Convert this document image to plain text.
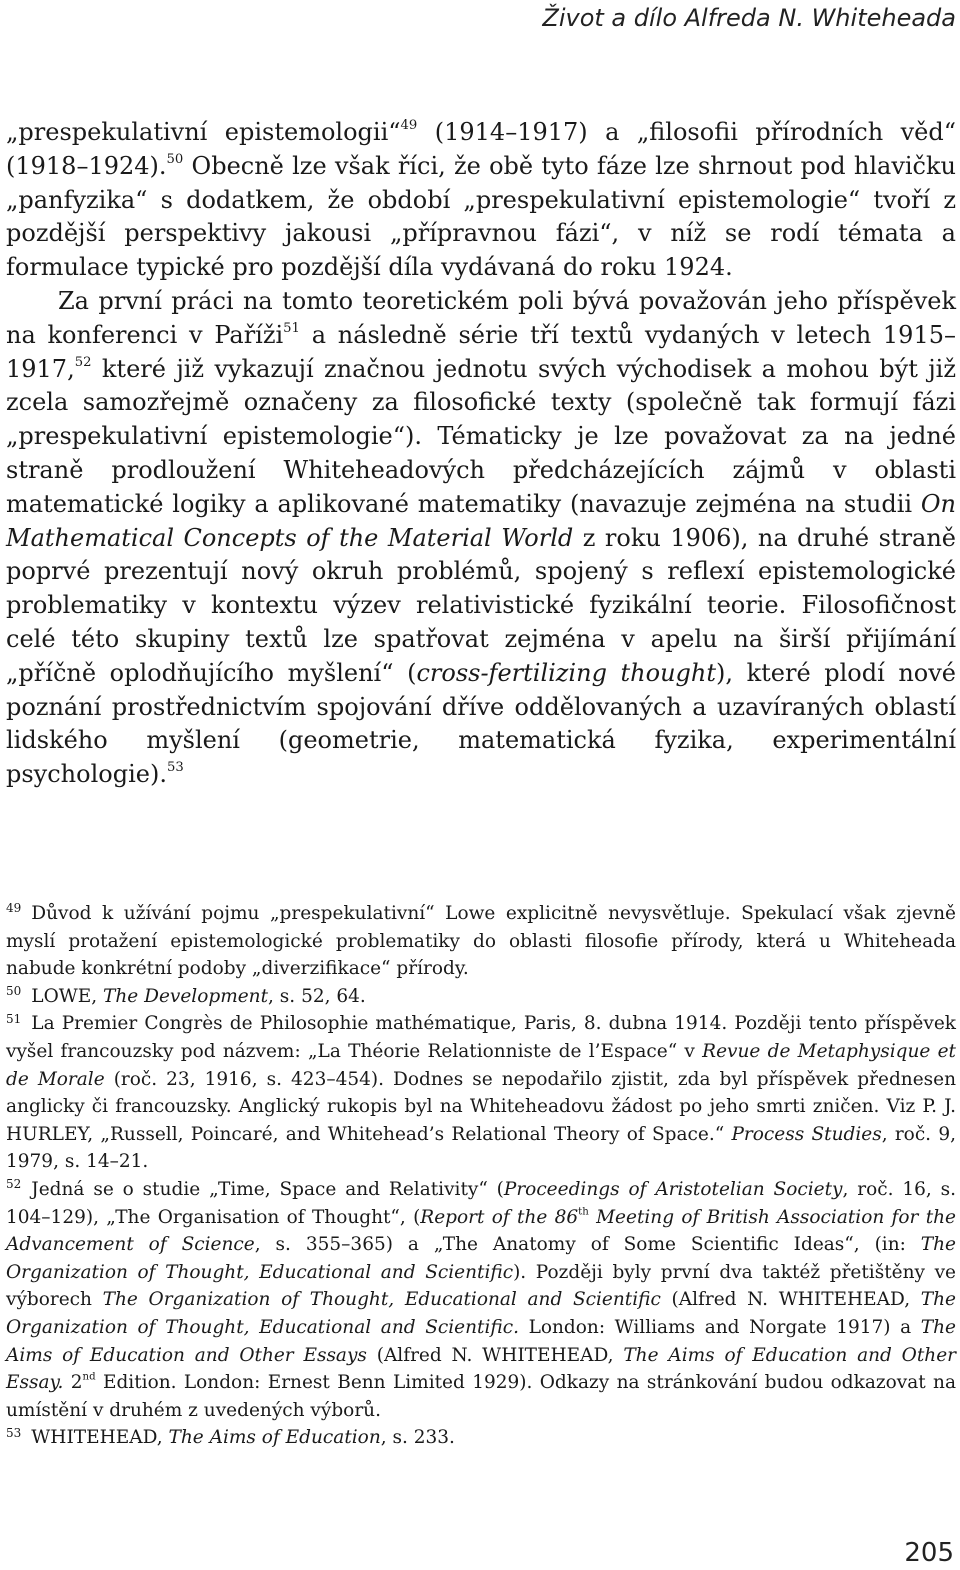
Život a dílo Alfreda N. Whiteheada

„prespekulativní epistemologii“$^{49}$ (1914–1917) a „filosofii přírodních věd“ (1918–1924).$^{50}$ Obecně lze však říci, že obě tyto fáze lze shrnout pod hlavičku „panfyzika“ s dodatkem, že období „prespekulativní epistemologie“ tvoří z pozdější perspektivy jakousi „přípravnou fázi“, v níž se rodí témata a formulace typické pro pozdější díla vydávaná do roku 1924.

Za první práci na tomto teoretickém poli bývá považován jeho příspěvek na konferenci v Paříži$^{51}$ a následně série tří textů vydaných v letech 1915–1917,52 které již vykazují značnou jednotu svých východisek a mohou být již zcela samozřejmě označeny za filosofické texty (společně tak formují fázi „prespekulativní epistemologie“). Tématicky je lze považovat za na jedné straně prodloužení Whiteheadových předcházejících zájmů v oblasti matematické logiky a aplikované matematiky (navazuje zejména na studii On Mathematical Concepts of the Material World z roku 1906), na druhé straně poprvé prezentují nový okruh problémů, spojený s reflexí epistemologické problematiky v kontextu výzev relativistické fyzikální teorie. Filosofičnost celé této skupiny textů lze spatřovat zejména v apelu na širší přijímání „příčně oplodňujícího myšlení“ (cross-fertilizing thought), které plodí nové poznání prostřednictvím spojování dříve oddělovaných a uzavíraných oblastí lidského myšlení (geometrie, matematická fyzika, experimentální psychologie).$^{53}$

$^{49}$ Důvod k užívání pojmu „prespekulativní“ Lowe explicitně nevysvětluje. Spekulací však zjevně myslí protažení epistemologické problematiky do oblasti filosofie přírody, která u Whiteheada nabude konkrétní podoby „diverzifikace“ přírody.

$^{50}$ LOWE, The Development, s. 52, 64.

$^{51}$ La Premier Congrès de Philosophie mathématique, Paris, 8. dubna 1914. Později tento příspěvek vyšel francouzsky pod názvem: „La Théorie Relationniste de l’Espace“ v Revue de Metaphysique et de Morale (roč. 23, 1916, s. 423–454). Dodnes se nepodařilo zjistit, zda byl příspěvek přednesen anglicky či francouzsky. Anglický rukopis byl na Whiteheadovu žádost po jeho smrti zničen. Viz P. J. HURLEY, „Russell, Poincaré, and Whitehead’s Relational Theory of Space.“ Process Studies, roč. 9, 1979, s. 14–21.

$^{52}$ Jedná se o studie „Time, Space and Relativity“ (Proceedings of Aristotelian Society, roč. 16, s. 104–129), „The Organisation of Thought“, (Report of the 86th Meeting of British Association for the Advancement of Science, s. 355–365) a „The Anatomy of Some Scientific Ideas“, (in: The Organization of Thought, Educational and Scientific). Později byly první dva taktéž přetištěny ve výborech The Organization of Thought, Educational and Scientific (Alfred N. WHITEHEAD, The Organization of Thought, Educational and Scientific. London: Williams and Norgate 1917) a The Aims of Education and Other Essays (Alfred N. WHITEHEAD, The Aims of Education and Other Essay. 2nd Edition. London: Ernest Benn Limited 1929). Odkazy na stránkování budou odkazovat na umístění v druhém z uvedených výborů.

$^{53}$ WHITEHEAD, The Aims of Education, s. 233.

205
